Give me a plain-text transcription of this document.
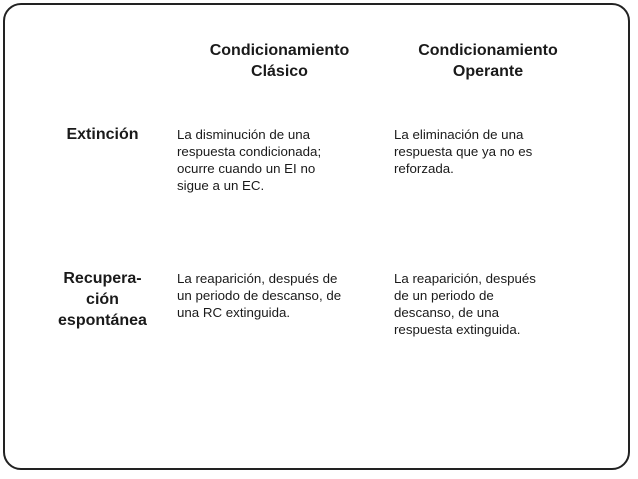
Condicionamiento
Clásico
Condicionamiento
Operante
Extinción	La disminución de una
respuesta condicionada;
ocurre cuando un EI no
sigue a un EC.
La eliminación de una
respuesta que ya no es
reforzada.
Recupera-
ción
espontánea
La reaparición, después de
un periodo de descanso, de
una RC extinguida.
La reaparición, después
de un periodo de
descanso, de una
respuesta extinguida.
